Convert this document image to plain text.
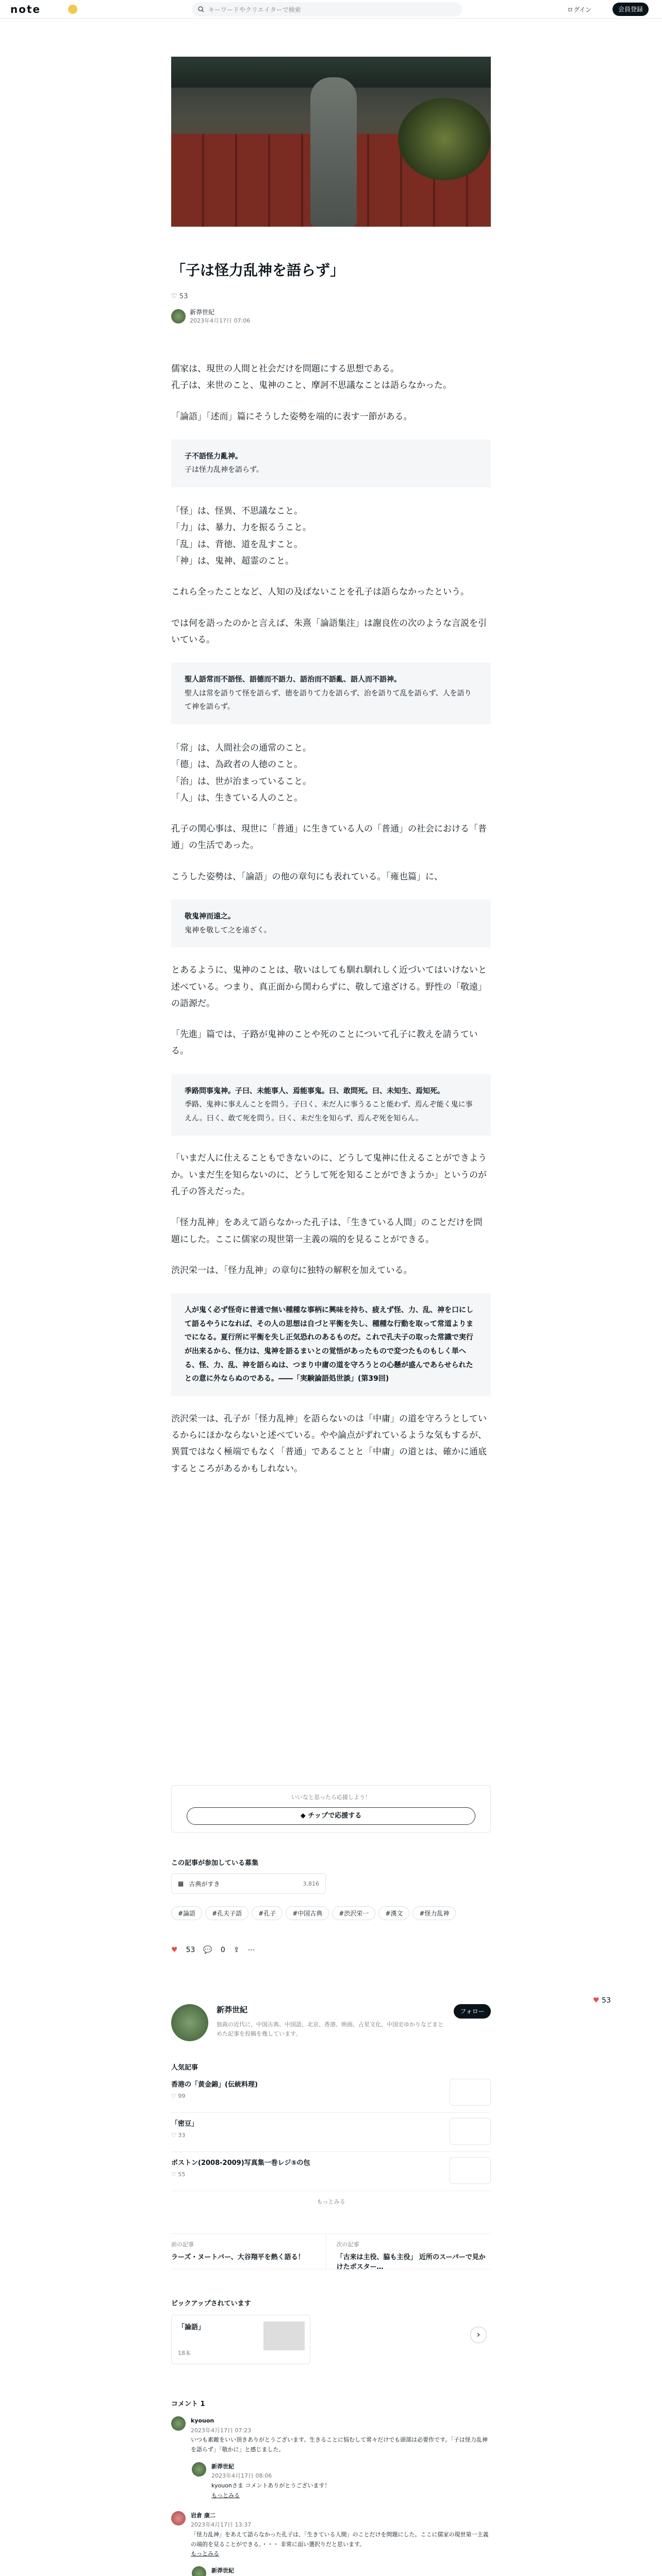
note	キーワードやクリエイターで検索	ログイン	会員登録
「子は怪力乱神を語らず」
♡ 53
新莽世紀
2023年4月17日 07:06

儒家は、現世の人間と社会だけを問題にする思想である。

孔子は、来世のこと、鬼神のこと、摩訶不思議なことは語らなかった。

「論語」「述而」篇にそうした姿勢を端的に表す一節がある。

子不語怪力亂神。
子は怪力乱神を語らず。

「怪」は、怪異、不思議なこと。

「力」は、暴力、力を振るうこと。

「乱」は、背徳、道を乱すこと。

「神」は、鬼神、超霊のこと。

これら全ったことなど、人知の及ばないことを孔子は語らなかったという。

では何を語ったのかと言えば、朱熹「論語集注」は謝良佐の次のような言説を引いている。

聖人語常而不語怪、語德而不語力、語治而不語亂、語人而不語神。
聖人は常を語りて怪を語らず、德を語りて力を語らず、治を語りて乱を語らず、人を語りて神を語らず。

「常」は、人間社会の通常のこと。

「德」は、為政者の人徳のこと。

「治」は、世が治まっていること。

「人」は、生きている人のこと。

孔子の関心事は、現世に「普通」に生きている人の「普通」の社会における「普通」の生活であった。

こうした姿勢は、「論語」の他の章句にも表れている。「雍也篇」に、

敬鬼神而遠之。
鬼神を敬して之を遠ざく。

とあるように、鬼神のことは、敬いはしても馴れ馴れしく近づいてはいけないと述べている。つまり、真正面から関わらずに、敬して遠ざける。野性の「敬遠」の語源だ。

「先進」篇では、子路が鬼神のことや死のことについて孔子に教えを請うている。

季路問事鬼神。子曰、未能事人、焉能事鬼。曰、敢問死。曰、未知生、焉知死。
季路、鬼神に事えんことを問う。子曰く、未だ人に事うること能わず、焉んぞ能く鬼に事えん。曰く、敢て死を問う。曰く、未だ生を知らず、焉んぞ死を知らん。

「いまだ人に仕えることもできないのに、どうして鬼神に仕えることができようか。いまだ生を知らないのに、どうして死を知ることができようか」というのが孔子の答えだった。

「怪力乱神」をあえて語らなかった孔子は、「生きている人間」のことだけを問題にした。ここに儒家の現世第一主義の端的を見ることができる。

渋沢栄一は、「怪力乱神」の章句に独特の解釈を加えている。

人が鬼く必ず怪奇に普通で無い種種な事柄に興味を持ち、疲えず怪、力、乱、神を口にして語るやうになれば、その人の思想は自づと平衡を失し、種種な行動を取って常道よりまでになる。夏行所に平衡を失し正気恐れのあるものだ。これで孔夫子の取った常識で実行が出来るから、怪力は、鬼神を語るまいとの覚悟があったもので変つたものもしく単へる、怪、力、乱、神を語らぬは、つまり中庸の道を守ろうとの心懸が盛んであらせられたとの意に外ならぬのである。――「実験論語処世談」(第39回)

渋沢栄一は、孔子が「怪力乱神」を語らないのは「中庸」の道を守ろうとしているからにほかならないと述べている。やや論点がずれているような気もするが、異質ではなく極端でもなく「普通」であることと「中庸」の道とは、確かに通底するところがあるかもしれない。

いいなと思ったら応援しよう！
◆ チップで応援する
この記事が参加している募集
▦ 古典がすき	3,816
#論語	#孔夫子語	#孔子	#中国古典	#渋沢栄一	#漢文	#怪力乱神
♥ 53 💬 0 ⇪ ⋯
♥ 53
新莽世紀
独裁の近代に、中国古典、中国語、北京、香港、映画、占星文化、中国史ゆかりなどまとめた記事を投稿を幾しています。
フォロー
人気記事
香港の「黄金錦」(伝統料理)
♡ 99
「密豆」
♡ 33
ボストン(2008-2009)写真集一巻レジ⑤の包
♡ 55
もっとみる
前の記事
ラーズ・ヌートバー、大谷翔平を熱く語る！
次の記事
「古来は主役、脇も主役」 近所のスーパーで見かけたポスター…
ピックアップされています
「論語」
18本
›
コメント 1
kyouon
2023年4月17日 07:23
いつも素敵をいい頂きありがとうございます。生きることに悩むして常々だけでも頭部は必要作です。「子は怪力乱神を語らず」「敬かに」と感じました。
新莽世紀
2023年4月17日 08:06
kyouonさま コメントありがとうございます！
もっとみる
岩倉 康二
2023年4月17日 13:37
「怪力乱神」をあえて語らなかった孔子は、「生きている人間」のことだけを問題にした。ここに儒家の現世第一主義の端的を見ることができる。・・・ 非常に面い選択りだと思います。
もっとみる
新莽世紀
